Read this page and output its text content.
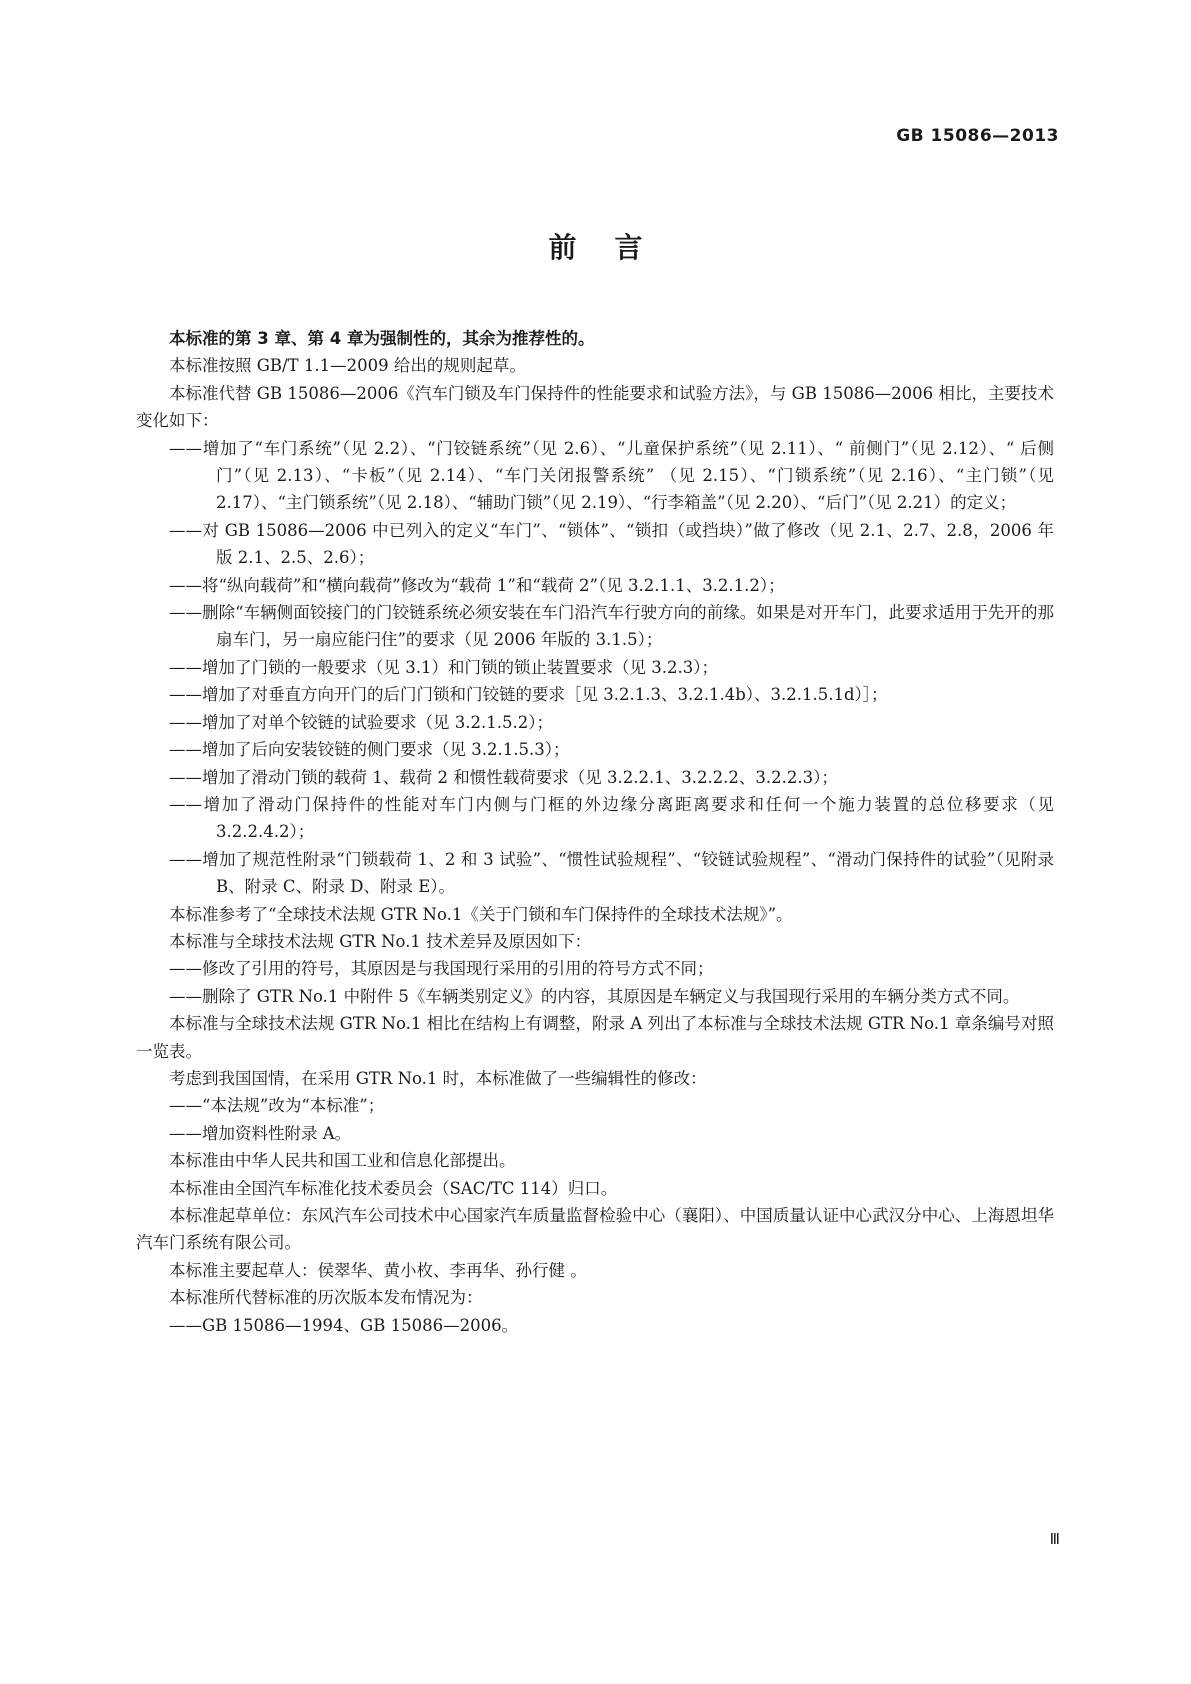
GB 15086—2013
前言

本标准的第 3 章、第 4 章为强制性的，其余为推荐性的。

本标准按照 GB/T 1.1—2009 给出的规则起草。

本标准代替 GB 15086—2006《汽车门锁及车门保持件的性能要求和试验方法》，与 GB 15086—2006 相比，主要技术变化如下：

——增加了“车门系统”（见 2.2）、“门铰链系统”（见 2.6）、“儿童保护系统”（见 2.11）、“ 前侧门”（见 2.12）、“ 后侧门”（见 2.13）、“卡板”（见 2.14）、“车门关闭报警系统” （见 2.15）、“门锁系统”（见 2.16）、“主门锁”（见 2.17）、“主门锁系统”（见 2.18）、“辅助门锁”（见 2.19）、“行李箱盖”（见 2.20）、“后门”（见 2.21）的定义；

——对 GB 15086—2006 中已列入的定义“车门”、“锁体”、“锁扣（或挡块）”做了修改（见 2.1、2.7、2.8，2006 年版 2.1、2.5、2.6）；

——将“纵向载荷”和“横向载荷”修改为“载荷 1”和“载荷 2”（见 3.2.1.1、3.2.1.2）；

——删除“车辆侧面铰接门的门铰链系统必须安装在车门沿汽车行驶方向的前缘。如果是对开车门，此要求适用于先开的那扇车门，另一扇应能闩住”的要求（见 2006 年版的 3.1.5）；

——增加了门锁的一般要求（见 3.1）和门锁的锁止装置要求（见 3.2.3）；

——增加了对垂直方向开门的后门门锁和门铰链的要求［见 3.2.1.3、3.2.1.4b）、3.2.1.5.1d）］；

——增加了对单个铰链的试验要求（见 3.2.1.5.2）；

——增加了后向安装铰链的侧门要求（见 3.2.1.5.3）；

——增加了滑动门锁的载荷 1、载荷 2 和惯性载荷要求（见 3.2.2.1、3.2.2.2、3.2.2.3）；

——增加了滑动门保持件的性能对车门内侧与门框的外边缘分离距离要求和任何一个施力装置的总位移要求（见 3.2.2.4.2）；

——增加了规范性附录“门锁载荷 1、2 和 3 试验”、“惯性试验规程”、“铰链试验规程”、“滑动门保持件的试验”（见附录 B、附录 C、附录 D、附录 E）。

本标准参考了“全球技术法规 GTR No.1《关于门锁和车门保持件的全球技术法规》”。

本标准与全球技术法规 GTR No.1 技术差异及原因如下：

——修改了引用的符号，其原因是与我国现行采用的引用的符号方式不同；

——删除了 GTR No.1 中附件 5《车辆类别定义》的内容，其原因是车辆定义与我国现行采用的车辆分类方式不同。

本标准与全球技术法规 GTR No.1 相比在结构上有调整，附录 A 列出了本标准与全球技术法规 GTR No.1 章条编号对照一览表。

考虑到我国国情，在采用 GTR No.1 时，本标准做了一些编辑性的修改：

——“本法规”改为“本标准”；

——增加资料性附录 A。

本标准由中华人民共和国工业和信息化部提出。

本标准由全国汽车标准化技术委员会（SAC/TC 114）归口。

本标准起草单位：东风汽车公司技术中心国家汽车质量监督检验中心（襄阳）、中国质量认证中心武汉分中心、上海恩坦华汽车门系统有限公司。

本标准主要起草人：侯翠华、黄小枚、李再华、孙行健 。

本标准所代替标准的历次版本发布情况为：

——GB 15086—1994、GB 15086—2006。

Ⅲ
